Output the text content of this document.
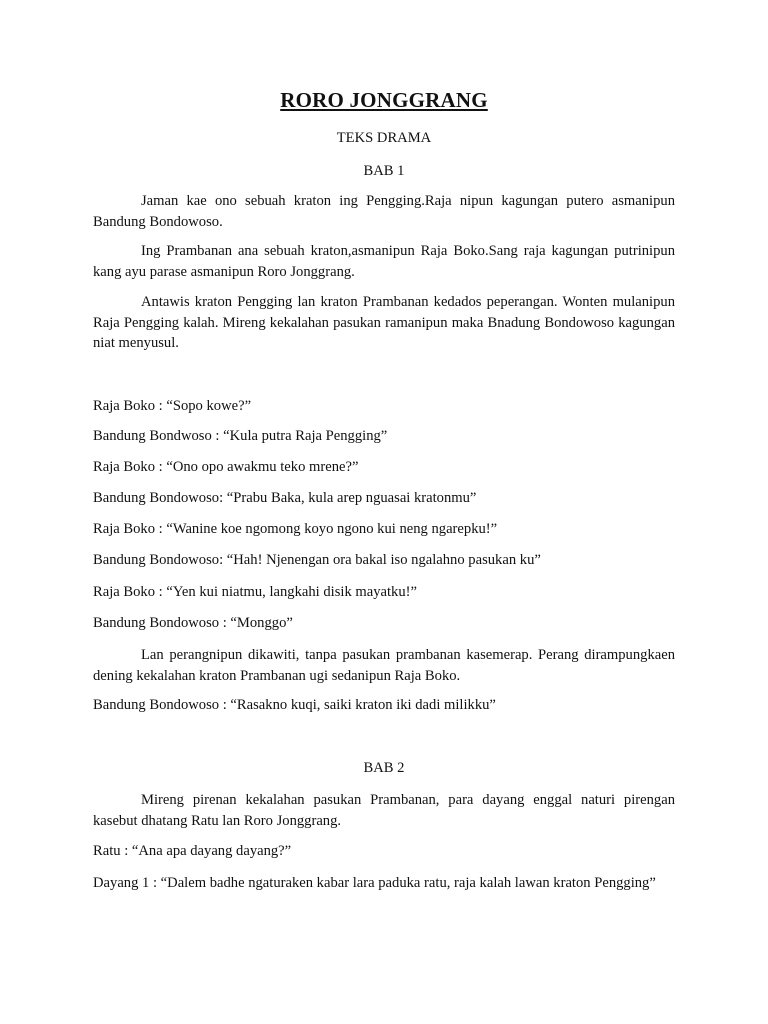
RORO JONGGRANG
TEKS DRAMA
BAB 1

Jaman kae ono sebuah kraton ing Pengging.Raja nipun kagungan putero asmanipun Bandung Bondowoso.

Ing Prambanan ana sebuah kraton,asmanipun Raja Boko.Sang raja kagungan putrinipun kang ayu parase asmanipun Roro Jonggrang.

Antawis kraton Pengging lan kraton Prambanan kedados peperangan. Wonten mulanipun Raja Pengging kalah. Mireng kekalahan pasukan ramanipun maka Bnadung Bondowoso kagungan niat menyusul.

Raja Boko : “Sopo kowe?”

Bandung Bondwoso : “Kula putra Raja Pengging”

Raja Boko : “Ono opo awakmu teko mrene?”

Bandung Bondowoso: “Prabu Baka, kula arep nguasai kratonmu”

Raja Boko : “Wanine koe ngomong koyo ngono kui neng ngarepku!”

Bandung Bondowoso: “Hah! Njenengan ora bakal iso ngalahno pasukan ku”

Raja Boko : “Yen kui niatmu, langkahi disik mayatku!”

Bandung Bondowoso : “Monggo”

Lan perangnipun dikawiti, tanpa pasukan prambanan kasemerap. Perang dirampungkaen dening kekalahan kraton Prambanan ugi sedanipun Raja Boko.

Bandung Bondowoso : “Rasakno kuqi, saiki kraton iki dadi milikku”

BAB 2

Mireng pirenan kekalahan pasukan Prambanan, para dayang enggal naturi pirengan kasebut dhatang Ratu lan Roro Jonggrang.

Ratu : “Ana apa dayang dayang?”

Dayang 1 : “Dalem badhe ngaturaken kabar lara paduka ratu, raja kalah lawan kraton Pengging”
